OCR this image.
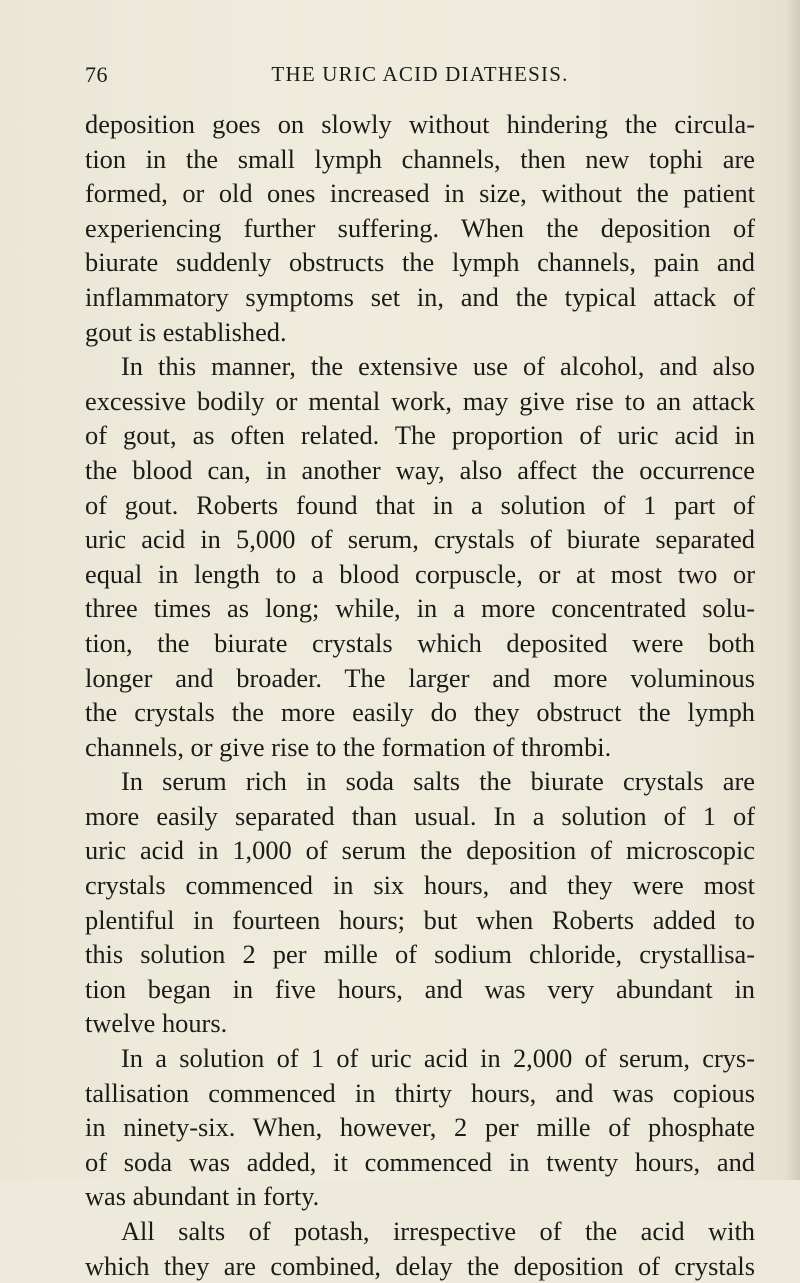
76	THE URIC ACID DIATHESIS.
deposition goes on slowly without hindering the circula-
tion in the small lymph channels, then new tophi are
formed, or old ones increased in size, without the patient
experiencing further suffering. When the deposition of
biurate suddenly obstructs the lymph channels, pain and
inflammatory symptoms set in, and the typical attack of
gout is established.
In this manner, the extensive use of alcohol, and also
excessive bodily or mental work, may give rise to an attack
of gout, as often related. The proportion of uric acid in
the blood can, in another way, also affect the occurrence
of gout. Roberts found that in a solution of 1 part of
uric acid in 5,000 of serum, crystals of biurate separated
equal in length to a blood corpuscle, or at most two or
three times as long; while, in a more concentrated solu-
tion, the biurate crystals which deposited were both
longer and broader. The larger and more voluminous
the crystals the more easily do they obstruct the lymph
channels, or give rise to the formation of thrombi.
In serum rich in soda salts the biurate crystals are
more easily separated than usual. In a solution of 1 of
uric acid in 1,000 of serum the deposition of microscopic
crystals commenced in six hours, and they were most
plentiful in fourteen hours; but when Roberts added to
this solution 2 per mille of sodium chloride, crystallisa-
tion began in five hours, and was very abundant in
twelve hours.
In a solution of 1 of uric acid in 2,000 of serum, crys-
tallisation commenced in thirty hours, and was copious
in ninety-six. When, however, 2 per mille of phosphate
of soda was added, it commenced in twenty hours, and
was abundant in forty.
All salts of potash, irrespective of the acid with
which they are combined, delay the deposition of crystals
